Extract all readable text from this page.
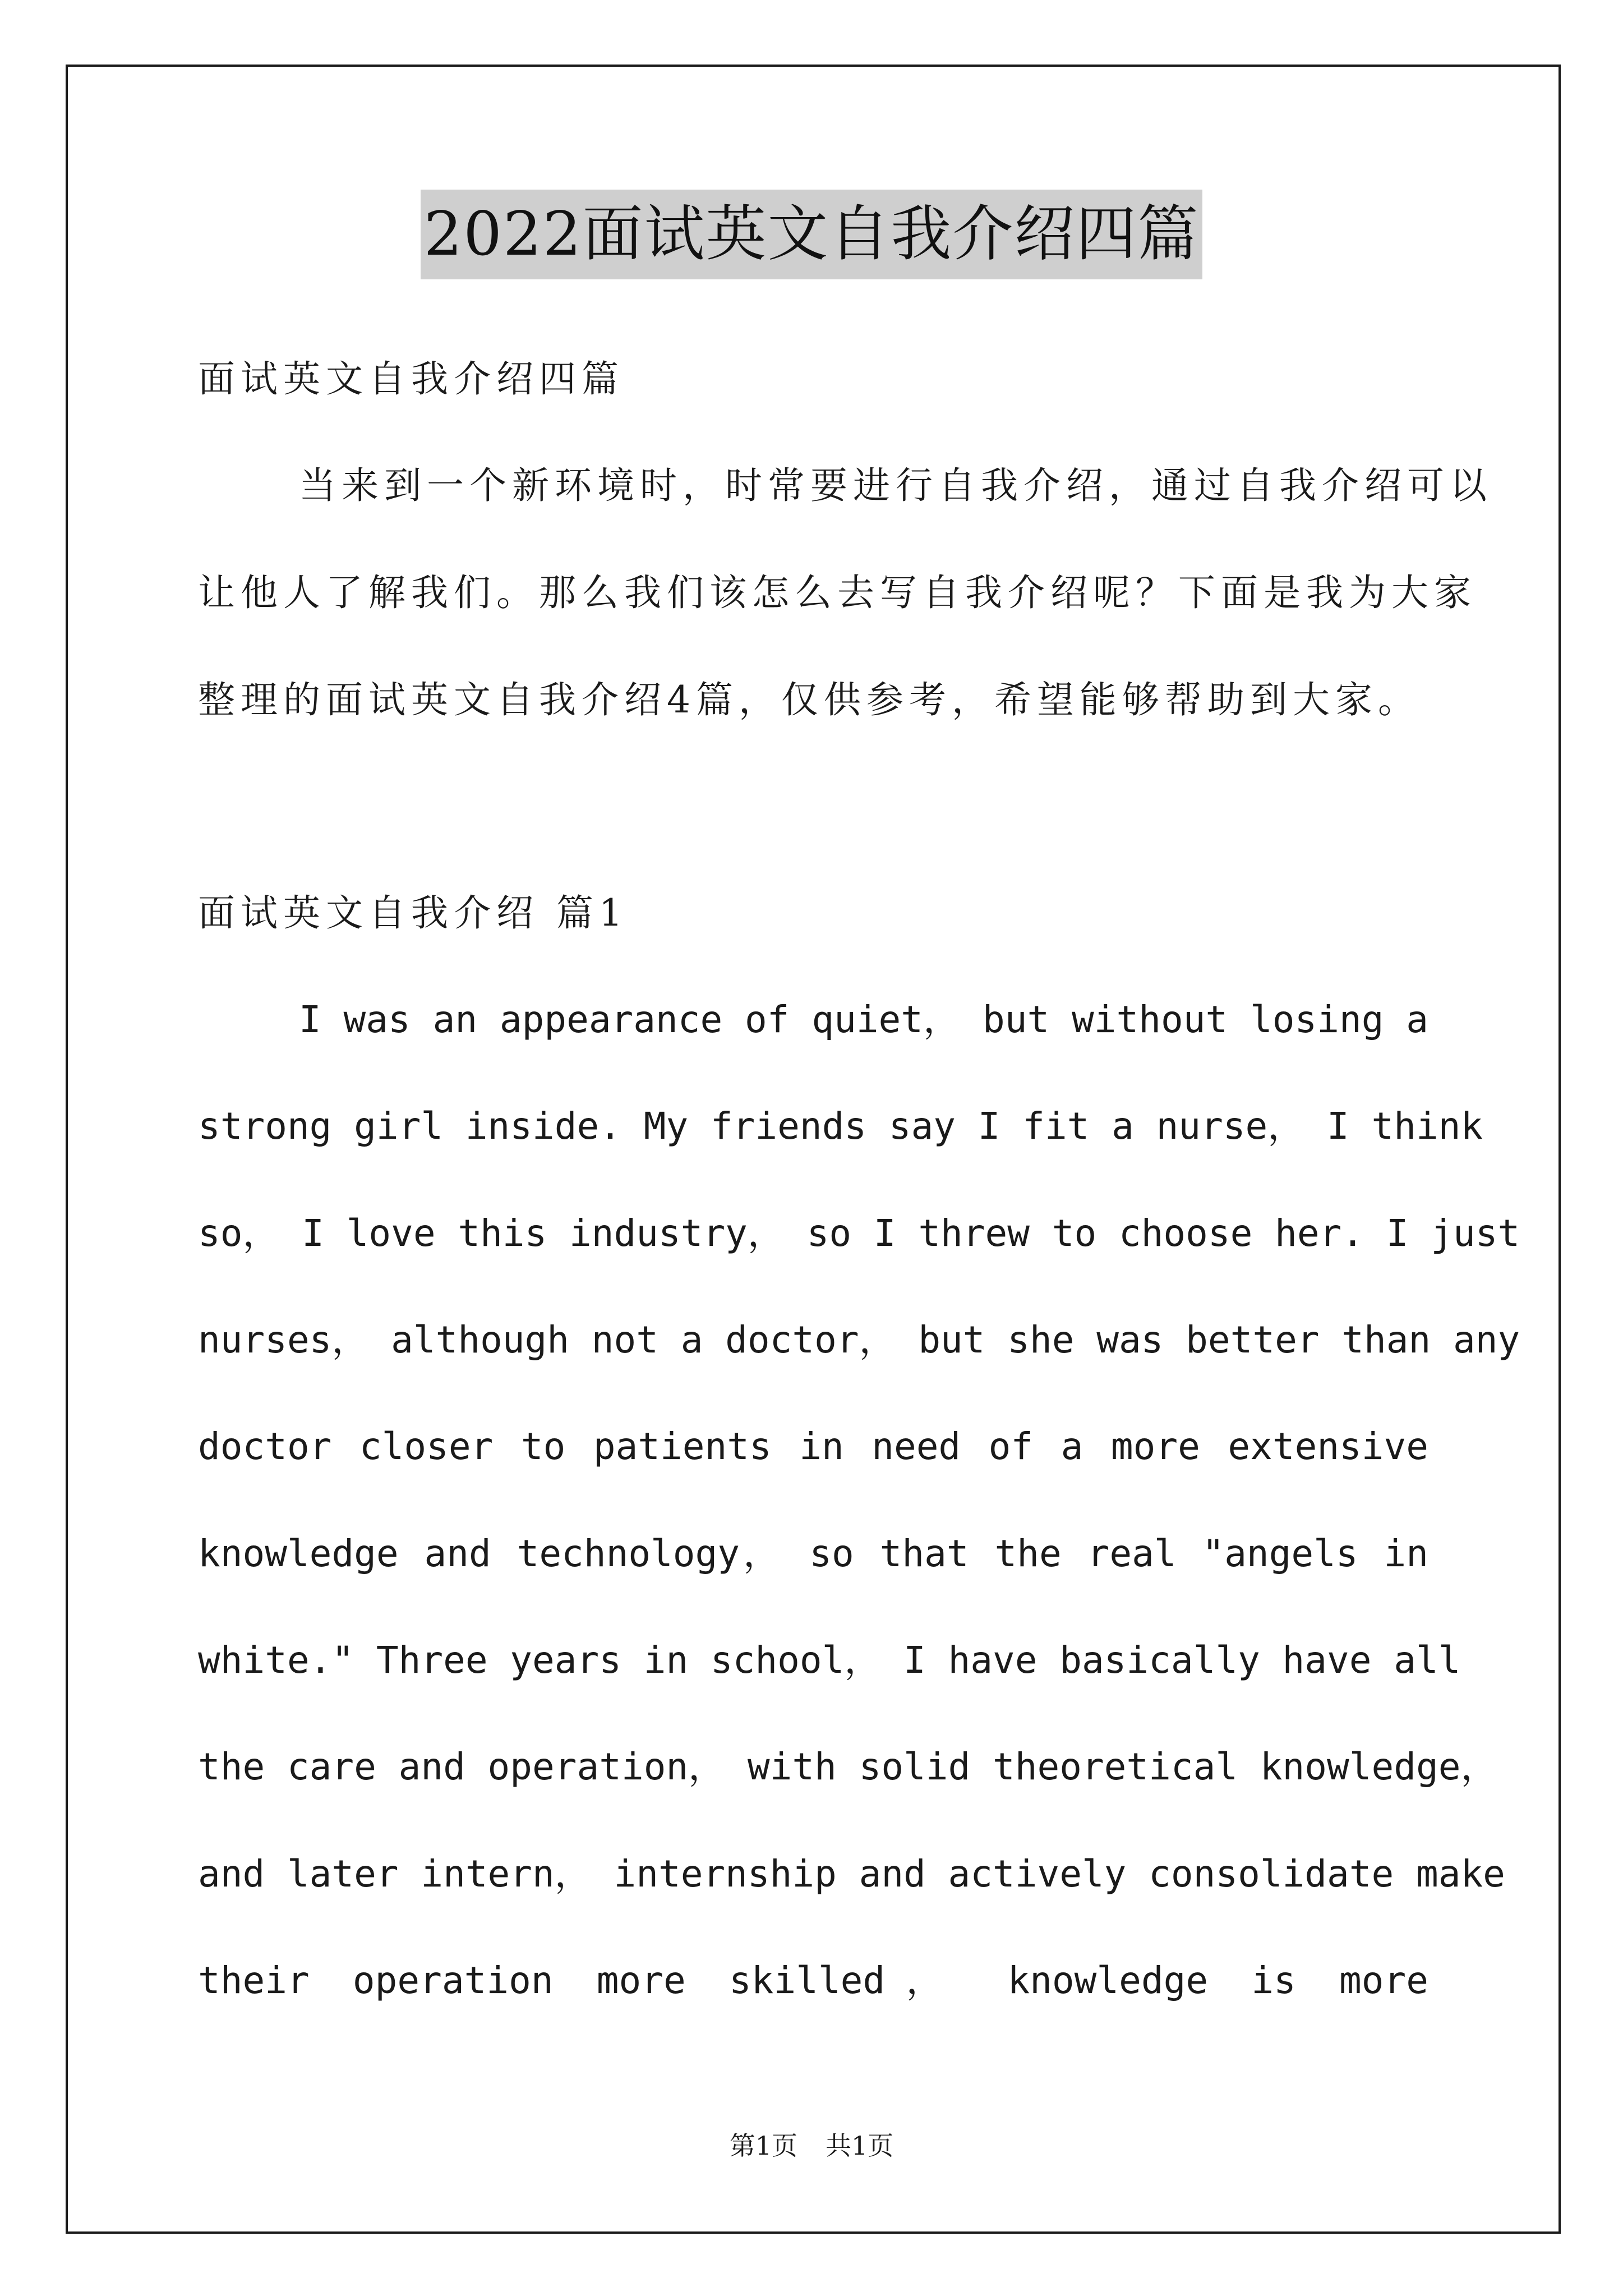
2022面试英文自我介绍四篇
面试英文自我介绍四篇
当来到一个新环境时，时常要进行自我介绍，通过自我介绍可以
让他人了解我们。那么我们该怎么去写自我介绍呢？下面是我为大家
整理的面试英文自我介绍4篇，仅供参考，希望能够帮助到大家。
面试英文自我介绍 篇1
I was an appearance of quiet， but without losing a
strong girl inside. My friends say I fit a nurse， I think
so， I love this industry， so I threw to choose her. I just
nurses， although not a doctor， but she was better than any
doctor closer to patients in need of a more extensive
knowledge and technology， so that the real "angels in
white." Three years in school， I have basically have all
the care and operation， with solid theoretical knowledge，
and later intern， internship and actively consolidate make
their operation more skilled， knowledge is more
第1页 共1页
